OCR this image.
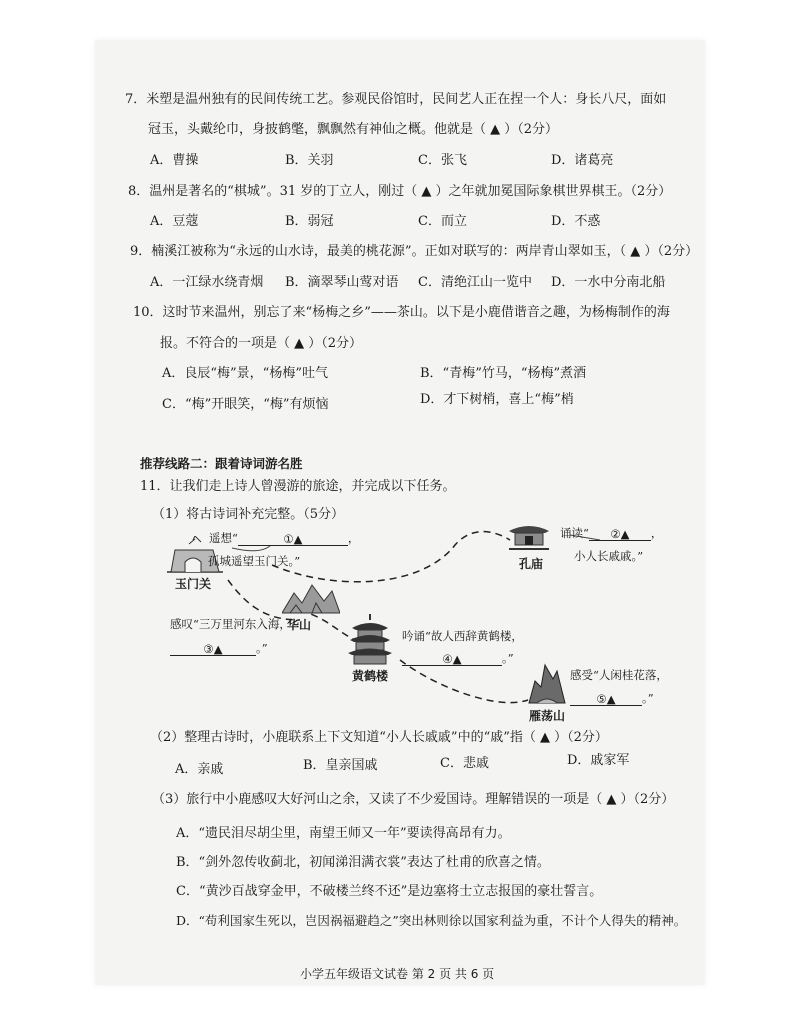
7．米塑是温州独有的民间传统工艺。参观民俗馆时，民间艺人正在捏一个人：身长八尺，面如
冠玉，头戴纶巾，身披鹤氅，飘飘然有神仙之概。他就是（ ▲ ）（2分）
A．曹操	B．关羽	C．张飞	D．诸葛亮
8．温州是著名的“棋城”。31 岁的丁立人，刚过（ ▲ ）之年就加冕国际象棋世界棋王。（2分）
A．豆蔻	B．弱冠	C．而立	D．不惑
9．楠溪江被称为“永远的山水诗，最美的桃花源”。正如对联写的：两岸青山翠如玉，（ ▲ ）（2分）
A．一江绿水绕青烟 B．滴翠琴山莺对语 C．清绝江山一览中 D．一水中分南北船
10．这时节来温州，别忘了来“杨梅之乡”——茶山。以下是小鹿借谐音之趣，为杨梅制作的海
报。不符合的一项是（ ▲ ）（2分）
A．良辰“梅”景，“杨梅”吐气	B．“青梅”竹马，“杨梅”煮酒
C．“梅”开眼笑，“梅”有烦恼	D．才下树梢，喜上“梅”梢
推荐线路二：跟着诗词游名胜
11．让我们走上诗人曾漫游的旅途，并完成以下任务。
（1）将古诗词补充完整。（5分）
玉门关
孔庙
华山
黄鹤楼
雁荡山
遥想“	①▲	，
孤城遥望玉门关。”
诵读“ ②▲ ，
小人长戚戚。”
感叹“三万里河东入海，
③▲	。”
吟诵“故人西辞黄鹤楼，
④▲	。”
感受“人闲桂花落，
⑤▲ 。”
（2）整理古诗时，小鹿联系上下文知道“小人长戚戚”中的“戚”指（ ▲ ）（2分）
A．亲戚	B．皇亲国戚	C．悲戚	D．戚家军
（3）旅行中小鹿感叹大好河山之余，又读了不少爱国诗。理解错误的一项是（ ▲ ）（2分）
A．“遗民泪尽胡尘里，南望王师又一年”要读得高昂有力。
B．“剑外忽传收蓟北，初闻涕泪满衣裳”表达了杜甫的欣喜之情。
C．“黄沙百战穿金甲，不破楼兰终不还”是边塞将士立志报国的豪壮誓言。
D．“苟利国家生死以，岂因祸福避趋之”突出林则徐以国家利益为重，不计个人得失的精神。
小学五年级语文试卷 第 2 页 共 6 页
